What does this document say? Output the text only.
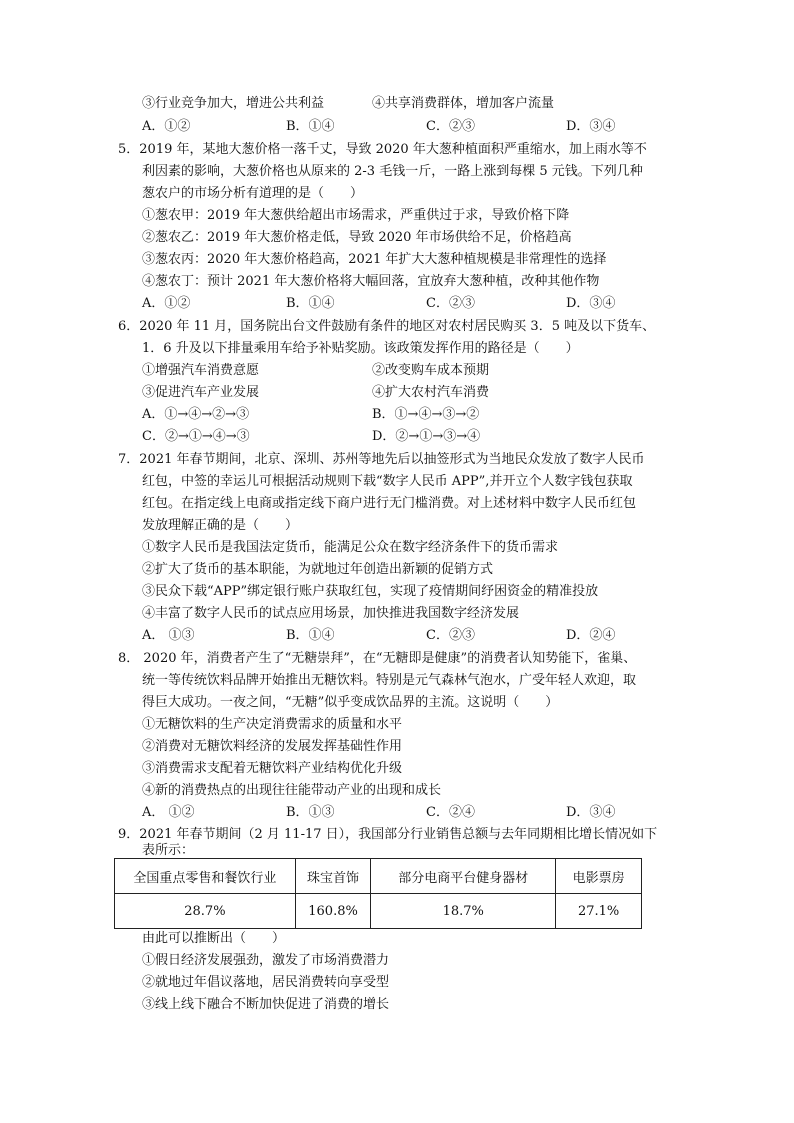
③行业竞争加大，增进公共利益	④共享消费群体，增加客户流量
A．①②	B．①④	C．②③	D．③④
5．2019 年，某地大葱价格一落千丈，导致 2020 年大葱种植面积严重缩水，加上雨水等不
利因素的影响，大葱价格也从原来的 2-3 毛钱一斤，一路上涨到每棵 5 元钱。下列几种
葱农户的市场分析有道理的是（　　）
①葱农甲：2019 年大葱供给超出市场需求，严重供过于求，导致价格下降
②葱农乙：2019 年大葱价格走低，导致 2020 年市场供给不足，价格趋高
③葱农丙：2020 年大葱价格趋高，2021 年扩大大葱种植规模是非常理性的选择
④葱农丁：预计 2021 年大葱价格将大幅回落，宜放弃大葱种植，改种其他作物
A．①②	B．①④	C．②③	D．③④
6．2020 年 11 月，国务院出台文件鼓励有条件的地区对农村居民购买 3．5 吨及以下货车、
1．6 升及以下排量乘用车给予补贴奖励。该政策发挥作用的路径是（　　）
①增强汽车消费意愿	②改变购车成本预期
③促进汽车产业发展	④扩大农村汽车消费
A．①→④→②→③	B．①→④→③→②
C．②→①→④→③	D．②→①→③→④
7．2021 年春节期间，北京、深圳、苏州等地先后以抽签形式为当地民众发放了数字人民币
红包，中签的幸运儿可根据活动规则下载“数字人民币 APP”,并开立个人数字钱包获取
红包。在指定线上电商或指定线下商户进行无门槛消费。对上述材料中数字人民币红包
发放理解正确的是（　　）
①数字人民币是我国法定货币，能满足公众在数字经济条件下的货币需求
②扩大了货币的基本职能，为就地过年创造出新颖的促销方式
③民众下载“APP”绑定银行账户获取红包，实现了疫情期间纾困资金的精准投放
④丰富了数字人民币的试点应用场景，加快推进我国数字经济发展
A． ①③	B．①④	C．②③	D．②④
8． 2020 年，消费者产生了“无糖崇拜”，在“无糖即是健康”的消费者认知势能下，雀巢、
统一等传统饮料品牌开始推出无糖饮料。特别是元气森林气泡水，广受年轻人欢迎，取
得巨大成功。一夜之间，“无糖”似乎变成饮品界的主流。这说明（　　）
①无糖饮料的生产决定消费需求的质量和水平
②消费对无糖饮料经济的发展发挥基础性作用
③消费需求支配着无糖饮料产业结构优化升级
④新的消费热点的出现往往能带动产业的出现和成长
A． ①②	B．①③	C．②④	D．③④
9．2021 年春节期间（2 月 11-17 日），我国部分行业销售总额与去年同期相比增长情况如下
表所示：
全国重点零售和餐饮行业	珠宝首饰	部分电商平台健身器材	电影票房
28.7%	160.8%	18.7%	27.1%
由此可以推断出（　　）
①假日经济发展强劲，激发了市场消费潜力
②就地过年倡议落地，居民消费转向享受型
③线上线下融合不断加快促进了消费的增长
